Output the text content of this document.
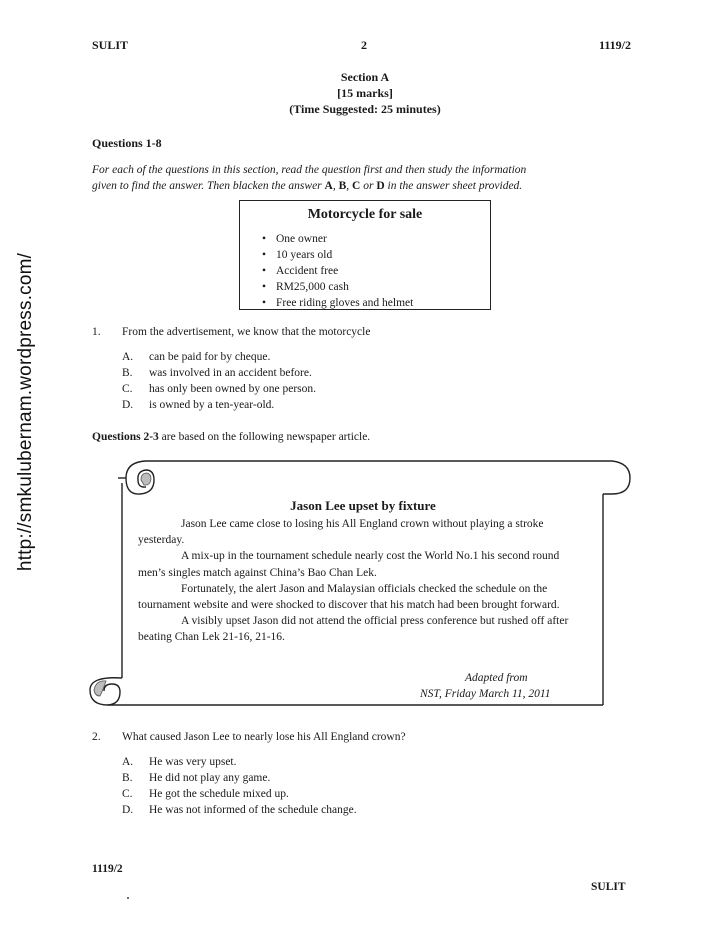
http://smkulubernam.wordpress.com/
SULIT	2	1119/2
Section A
[15 marks]
(Time Suggested: 25 minutes)
Questions 1-8
For each of the questions in this section, read the question first and then study the information
given to find the answer. Then blacken the answer A, B, C or D in the answer sheet provided.
Motorcycle for sale
• One owner
• 10 years old
• Accident free
• RM25,000 cash
• Free riding gloves and helmet
1. From the advertisement, we know that the motorcycle
A. can be paid for by cheque.
B. was involved in an accident before.
C. has only been owned by one person.
D. is owned by a ten-year-old.
Questions 2-3 are based on the following newspaper article.
Jason Lee upset by fixture

Jason Lee came close to losing his All England crown without playing a stroke yesterday.

A mix-up in the tournament schedule nearly cost the World No.1 his second round men’s singles match against China’s Bao Chan Lek.

Fortunately, the alert Jason and Malaysian officials checked the schedule on the tournament website and were shocked to discover that his match had been brought forward.

A visibly upset Jason did not attend the official press conference but rushed off after beating Chan Lek 21-16, 21-16.

Adapted from
NST, Friday March 11, 2011
2. What caused Jason Lee to nearly lose his All England crown?
A. He was very upset.
B. He did not play any game.
C. He got the schedule mixed up.
D. He was not informed of the schedule change.
1119/2
SULIT
